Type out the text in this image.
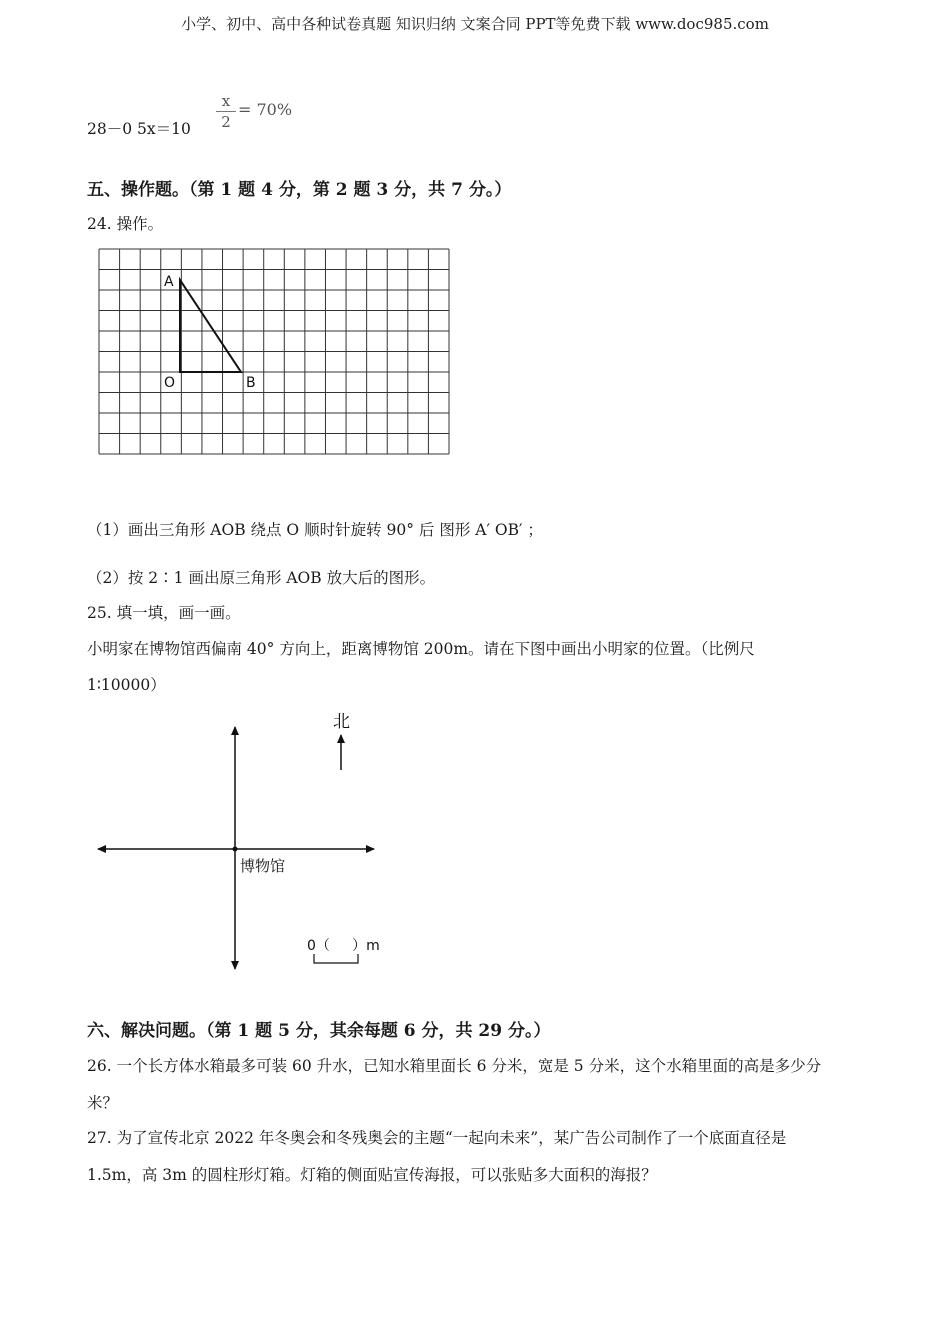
小学、初中、高中各种试卷真题 知识归纳 文案合同 PPT等免费下载 www.doc985.com
28－0 5x＝10
x
2
= 70%
五、操作题。（第 1 题 4 分，第 2 题 3 分，共 7 分。）
24. 操作。
A
O	B
（1）画出三角形 AOB 绕点 O 顺时针旋转 90° 后 图形 A′ OB′ ；
（2）按 2∶1 画出原三角形 AOB 放大后的图形。
25. 填一填，画一画。
小明家在博物馆西偏南 40° 方向上，距离博物馆 200m。请在下图中画出小明家的位置。（比例尺
1∶10000）
博物馆
北
0（     ）m
六、解决问题。（第 1 题 5 分，其余每题 6 分，共 29 分。）
26. 一个长方体水箱最多可装 60 升水，已知水箱里面长 6 分米，宽是 5 分米，这个水箱里面的高是多少分
米？
27. 为了宣传北京 2022 年冬奥会和冬残奥会的主题“一起向未来”，某广告公司制作了一个底面直径是
1.5m，高 3m 的圆柱形灯箱。灯箱的侧面贴宣传海报，可以张贴多大面积的海报？
